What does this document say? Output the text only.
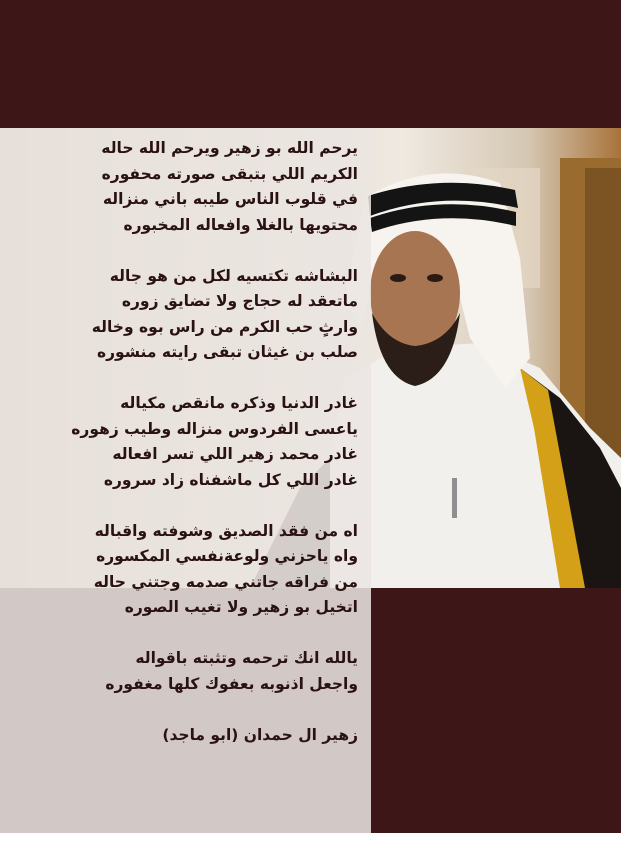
يرحم الله بو زهير ويرحم الله حاله
الكريم اللي بتبقى صورته محفوره
في قلوب الناس طيبه باني منزاله
محتويها بالغلا وافعاله المخبوره
البشاشه تكتسيه لكل من هو جاله
ماتعقد له حجاج ولا تضايق زوره
وارثٍ حب الكرم من راس بوه وخاله
صلب بن غيثان تبقى رايته منشوره
غادر الدنيا وذكره مانقص مكياله
ياعسى الفردوس منزاله وطيب زهوره
غادر محمد زهير اللي تسر افعاله
غادر اللي كل ماشفناه زاد سروره
اه من فقد الصديق وشوفته واقباله
واه ياحزني ولوعةنفسي المكسوره
من فراقه جاتني صدمه وجتني حاله
اتخيل بو زهير ولا تغيب الصوره
يالله انك ترحمه وتثبته باقواله
واجعل اذنوبه بعفوك كلها مغفوره
زهير ال حمدان (ابو ماجد)
